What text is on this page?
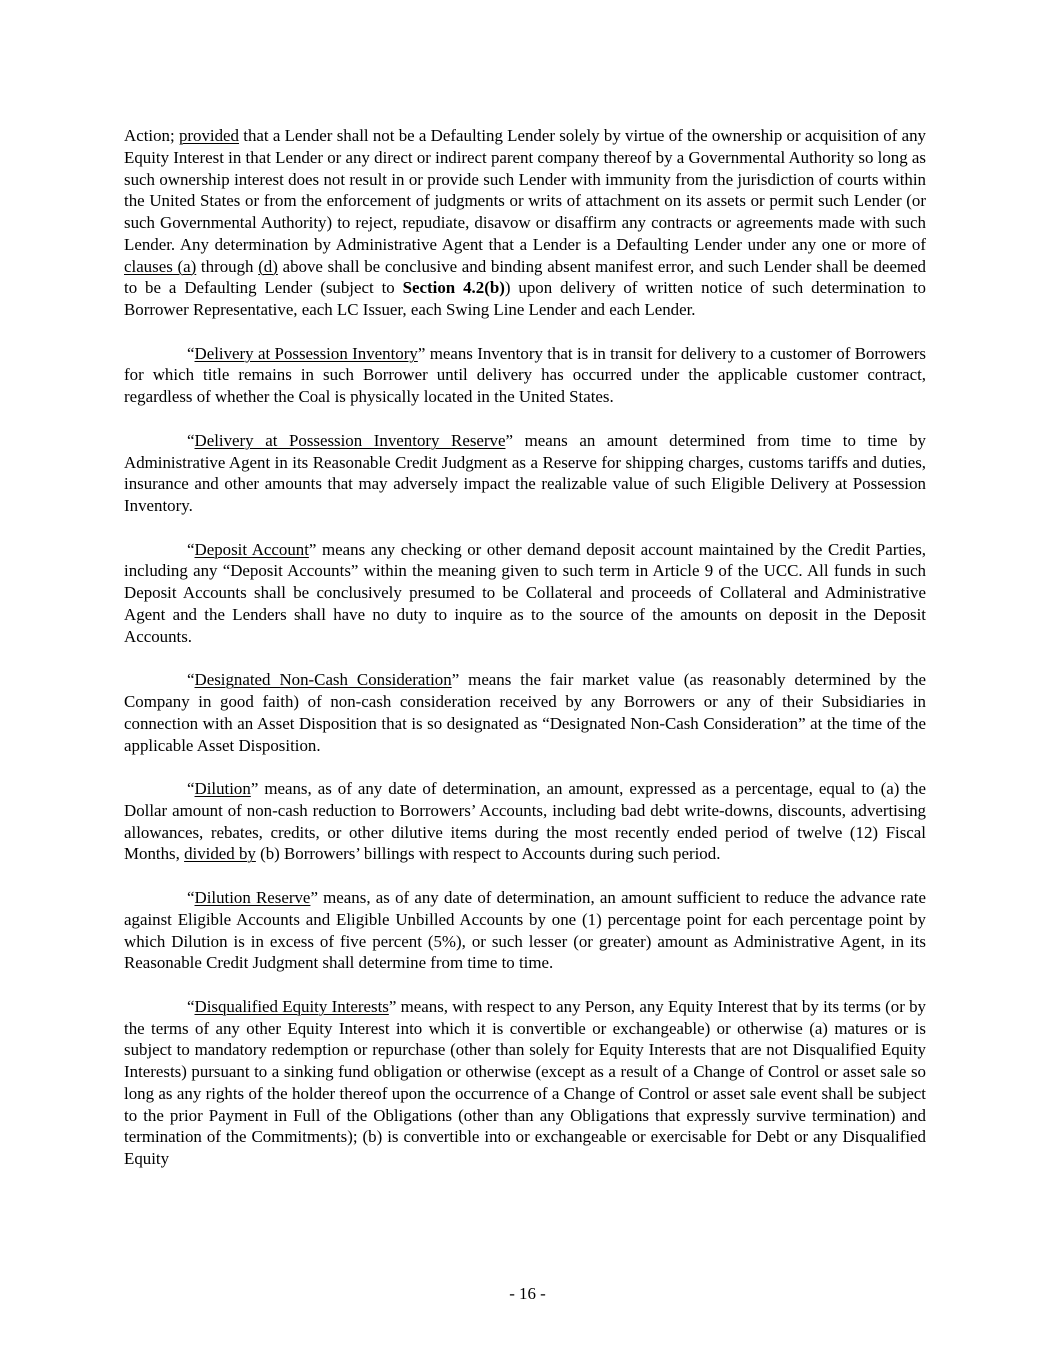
Action; provided that a Lender shall not be a Defaulting Lender solely by virtue of the ownership or acquisition of any Equity Interest in that Lender or any direct or indirect parent company thereof by a Governmental Authority so long as such ownership interest does not result in or provide such Lender with immunity from the jurisdiction of courts within the United States or from the enforcement of judgments or writs of attachment on its assets or permit such Lender (or such Governmental Authority) to reject, repudiate, disavow or disaffirm any contracts or agreements made with such Lender. Any determination by Administrative Agent that a Lender is a Defaulting Lender under any one or more of clauses (a) through (d) above shall be conclusive and binding absent manifest error, and such Lender shall be deemed to be a Defaulting Lender (subject to Section 4.2(b)) upon delivery of written notice of such determination to Borrower Representative, each LC Issuer, each Swing Line Lender and each Lender.

“Delivery at Possession Inventory” means Inventory that is in transit for delivery to a customer of Borrowers for which title remains in such Borrower until delivery has occurred under the applicable customer contract, regardless of whether the Coal is physically located in the United States.

“Delivery at Possession Inventory Reserve” means an amount determined from time to time by Administrative Agent in its Reasonable Credit Judgment as a Reserve for shipping charges, customs tariffs and duties, insurance and other amounts that may adversely impact the realizable value of such Eligible Delivery at Possession Inventory.

“Deposit Account” means any checking or other demand deposit account maintained by the Credit Parties, including any “Deposit Accounts” within the meaning given to such term in Article 9 of the UCC. All funds in such Deposit Accounts shall be conclusively presumed to be Collateral and proceeds of Collateral and Administrative Agent and the Lenders shall have no duty to inquire as to the source of the amounts on deposit in the Deposit Accounts.

“Designated Non-Cash Consideration” means the fair market value (as reasonably determined by the Company in good faith) of non-cash consideration received by any Borrowers or any of their Subsidiaries in connection with an Asset Disposition that is so designated as “Designated Non-Cash Consideration” at the time of the applicable Asset Disposition.

“Dilution” means, as of any date of determination, an amount, expressed as a percentage, equal to (a) the Dollar amount of non-cash reduction to Borrowers’ Accounts, including bad debt write-downs, discounts, advertising allowances, rebates, credits, or other dilutive items during the most recently ended period of twelve (12) Fiscal Months, divided by (b) Borrowers’ billings with respect to Accounts during such period.

“Dilution Reserve” means, as of any date of determination, an amount sufficient to reduce the advance rate against Eligible Accounts and Eligible Unbilled Accounts by one (1) percentage point for each percentage point by which Dilution is in excess of five percent (5%), or such lesser (or greater) amount as Administrative Agent, in its Reasonable Credit Judgment shall determine from time to time.

“Disqualified Equity Interests” means, with respect to any Person, any Equity Interest that by its terms (or by the terms of any other Equity Interest into which it is convertible or exchangeable) or otherwise (a) matures or is subject to mandatory redemption or repurchase (other than solely for Equity Interests that are not Disqualified Equity Interests) pursuant to a sinking fund obligation or otherwise (except as a result of a Change of Control or asset sale so long as any rights of the holder thereof upon the occurrence of a Change of Control or asset sale event shall be subject to the prior Payment in Full of the Obligations (other than any Obligations that expressly survive termination) and termination of the Commitments); (b) is convertible into or exchangeable or exercisable for Debt or any Disqualified Equity

- 16 -
